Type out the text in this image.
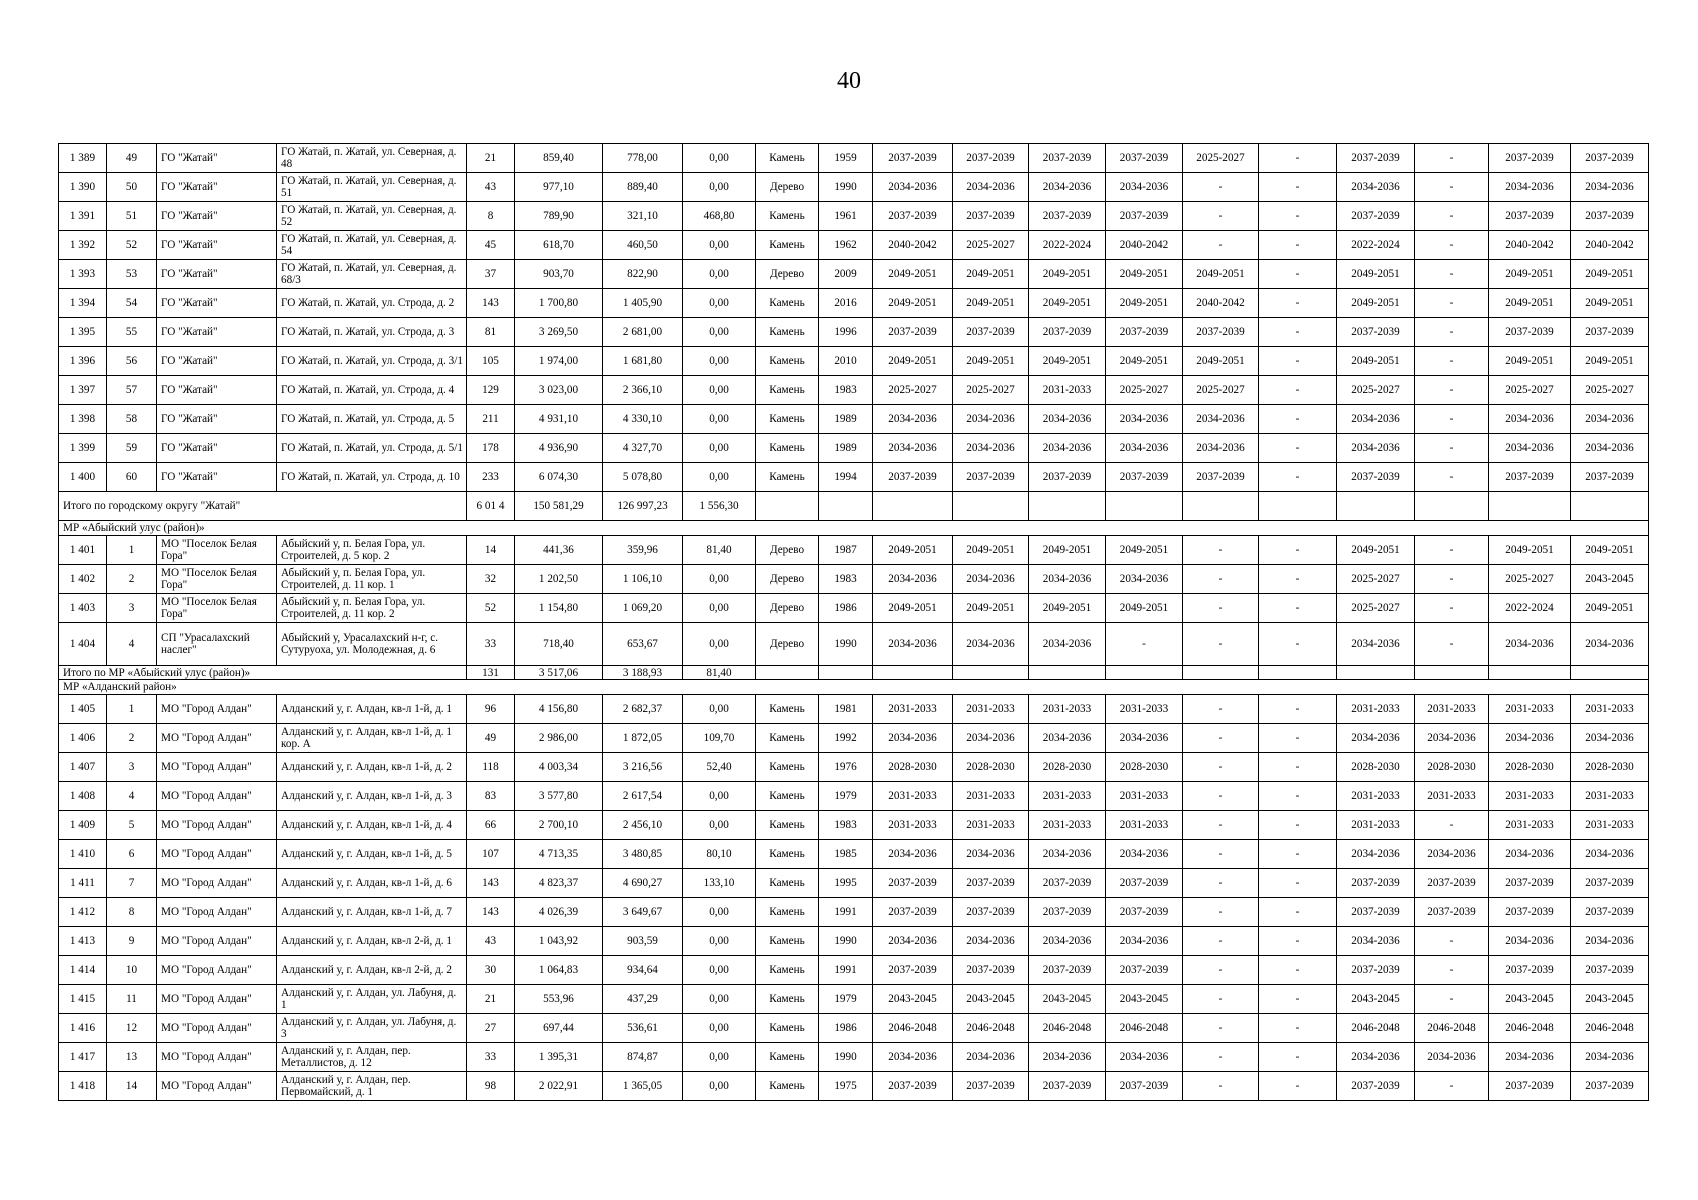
40
1 389	49	ГО "Жатай"	ГО Жатай, п. Жатай, ул. Северная, д. 48	21	859,40	778,00	0,00	Камень	1959	2037-2039	2037-2039	2037-2039	2037-2039	2025-2027	-	2037-2039	-	2037-2039	2037-2039
1 390	50	ГО "Жатай"	ГО Жатай, п. Жатай, ул. Северная, д. 51	43	977,10	889,40	0,00	Дерево	1990	2034-2036	2034-2036	2034-2036	2034-2036	-	-	2034-2036	-	2034-2036	2034-2036
1 391	51	ГО "Жатай"	ГО Жатай, п. Жатай, ул. Северная, д. 52	8	789,90	321,10	468,80	Камень	1961	2037-2039	2037-2039	2037-2039	2037-2039	-	-	2037-2039	-	2037-2039	2037-2039
1 392	52	ГО "Жатай"	ГО Жатай, п. Жатай, ул. Северная, д. 54	45	618,70	460,50	0,00	Камень	1962	2040-2042	2025-2027	2022-2024	2040-2042	-	-	2022-2024	-	2040-2042	2040-2042
1 393	53	ГО "Жатай"	ГО Жатай, п. Жатай, ул. Северная, д. 68/3	37	903,70	822,90	0,00	Дерево	2009	2049-2051	2049-2051	2049-2051	2049-2051	2049-2051	-	2049-2051	-	2049-2051	2049-2051
1 394	54	ГО "Жатай"	ГО Жатай, п. Жатай, ул. Строда, д. 2	143	1 700,80	1 405,90	0,00	Камень	2016	2049-2051	2049-2051	2049-2051	2049-2051	2040-2042	-	2049-2051	-	2049-2051	2049-2051
1 395	55	ГО "Жатай"	ГО Жатай, п. Жатай, ул. Строда, д. 3	81	3 269,50	2 681,00	0,00	Камень	1996	2037-2039	2037-2039	2037-2039	2037-2039	2037-2039	-	2037-2039	-	2037-2039	2037-2039
1 396	56	ГО "Жатай"	ГО Жатай, п. Жатай, ул. Строда, д. 3/1	105	1 974,00	1 681,80	0,00	Камень	2010	2049-2051	2049-2051	2049-2051	2049-2051	2049-2051	-	2049-2051	-	2049-2051	2049-2051
1 397	57	ГО "Жатай"	ГО Жатай, п. Жатай, ул. Строда, д. 4	129	3 023,00	2 366,10	0,00	Камень	1983	2025-2027	2025-2027	2031-2033	2025-2027	2025-2027	-	2025-2027	-	2025-2027	2025-2027
1 398	58	ГО "Жатай"	ГО Жатай, п. Жатай, ул. Строда, д. 5	211	4 931,10	4 330,10	0,00	Камень	1989	2034-2036	2034-2036	2034-2036	2034-2036	2034-2036	-	2034-2036	-	2034-2036	2034-2036
1 399	59	ГО "Жатай"	ГО Жатай, п. Жатай, ул. Строда, д. 5/1	178	4 936,90	4 327,70	0,00	Камень	1989	2034-2036	2034-2036	2034-2036	2034-2036	2034-2036	-	2034-2036	-	2034-2036	2034-2036
1 400	60	ГО "Жатай"	ГО Жатай, п. Жатай, ул. Строда, д. 10	233	6 074,30	5 078,80	0,00	Камень	1994	2037-2039	2037-2039	2037-2039	2037-2039	2037-2039	-	2037-2039	-	2037-2039	2037-2039
Итого по городскому округу "Жатай"				6 01 4	150 581,29	126 997,23	1 556,30												
МР «Абыйский улус (район)»																			
1 401	1	МО "Поселок Белая Гора"	Абыйский у, п. Белая Гора, ул. Строителей, д. 5 кор. 2	14	441,36	359,96	81,40	Дерево	1987	2049-2051	2049-2051	2049-2051	2049-2051	-	-	2049-2051	-	2049-2051	2049-2051
1 402	2	МО "Поселок Белая Гора"	Абыйский у, п. Белая Гора, ул. Строителей, д. 11 кор. 1	32	1 202,50	1 106,10	0,00	Дерево	1983	2034-2036	2034-2036	2034-2036	2034-2036	-	-	2025-2027	-	2025-2027	2043-2045
1 403	3	МО "Поселок Белая Гора"	Абыйский у, п. Белая Гора, ул. Строителей, д. 11 кор. 2	52	1 154,80	1 069,20	0,00	Дерево	1986	2049-2051	2049-2051	2049-2051	2049-2051	-	-	2025-2027	-	2022-2024	2049-2051
1 404	4	СП "Урасалахский наслег"	Абыйский у, Урасалахский н-г, с. Сутуруоха, ул. Молодежная, д. 6	33	718,40	653,67	0,00	Дерево	1990	2034-2036	2034-2036	2034-2036	-	-	-	2034-2036	-	2034-2036	2034-2036
Итого по МР «Абыйский улус (район)»				131	3 517,06	3 188,93	81,40												
МР «Алданский район»																			
1 405	1	МО "Город Алдан"	Алданский у, г. Алдан, кв-л 1-й, д. 1	96	4 156,80	2 682,37	0,00	Камень	1981	2031-2033	2031-2033	2031-2033	2031-2033	-	-	2031-2033	2031-2033	2031-2033	2031-2033
1 406	2	МО "Город Алдан"	Алданский у, г. Алдан, кв-л 1-й, д. 1 кор. А	49	2 986,00	1 872,05	109,70	Камень	1992	2034-2036	2034-2036	2034-2036	2034-2036	-	-	2034-2036	2034-2036	2034-2036	2034-2036
1 407	3	МО "Город Алдан"	Алданский у, г. Алдан, кв-л 1-й, д. 2	118	4 003,34	3 216,56	52,40	Камень	1976	2028-2030	2028-2030	2028-2030	2028-2030	-	-	2028-2030	2028-2030	2028-2030	2028-2030
1 408	4	МО "Город Алдан"	Алданский у, г. Алдан, кв-л 1-й, д. 3	83	3 577,80	2 617,54	0,00	Камень	1979	2031-2033	2031-2033	2031-2033	2031-2033	-	-	2031-2033	2031-2033	2031-2033	2031-2033
1 409	5	МО "Город Алдан"	Алданский у, г. Алдан, кв-л 1-й, д. 4	66	2 700,10	2 456,10	0,00	Камень	1983	2031-2033	2031-2033	2031-2033	2031-2033	-	-	2031-2033	-	2031-2033	2031-2033
1 410	6	МО "Город Алдан"	Алданский у, г. Алдан, кв-л 1-й, д. 5	107	4 713,35	3 480,85	80,10	Камень	1985	2034-2036	2034-2036	2034-2036	2034-2036	-	-	2034-2036	2034-2036	2034-2036	2034-2036
1 411	7	МО "Город Алдан"	Алданский у, г. Алдан, кв-л 1-й, д. 6	143	4 823,37	4 690,27	133,10	Камень	1995	2037-2039	2037-2039	2037-2039	2037-2039	-	-	2037-2039	2037-2039	2037-2039	2037-2039
1 412	8	МО "Город Алдан"	Алданский у, г. Алдан, кв-л 1-й, д. 7	143	4 026,39	3 649,67	0,00	Камень	1991	2037-2039	2037-2039	2037-2039	2037-2039	-	-	2037-2039	2037-2039	2037-2039	2037-2039
1 413	9	МО "Город Алдан"	Алданский у, г. Алдан, кв-л 2-й, д. 1	43	1 043,92	903,59	0,00	Камень	1990	2034-2036	2034-2036	2034-2036	2034-2036	-	-	2034-2036	-	2034-2036	2034-2036
1 414	10	МО "Город Алдан"	Алданский у, г. Алдан, кв-л 2-й, д. 2	30	1 064,83	934,64	0,00	Камень	1991	2037-2039	2037-2039	2037-2039	2037-2039	-	-	2037-2039	-	2037-2039	2037-2039
1 415	11	МО "Город Алдан"	Алданский у, г. Алдан, ул. Лабуня, д. 1	21	553,96	437,29	0,00	Камень	1979	2043-2045	2043-2045	2043-2045	2043-2045	-	-	2043-2045	-	2043-2045	2043-2045
1 416	12	МО "Город Алдан"	Алданский у, г. Алдан, ул. Лабуня, д. 3	27	697,44	536,61	0,00	Камень	1986	2046-2048	2046-2048	2046-2048	2046-2048	-	-	2046-2048	2046-2048	2046-2048	2046-2048
1 417	13	МО "Город Алдан"	Алданский у, г. Алдан, пер. Металлистов, д. 12	33	1 395,31	874,87	0,00	Камень	1990	2034-2036	2034-2036	2034-2036	2034-2036	-	-	2034-2036	2034-2036	2034-2036	2034-2036
1 418	14	МО "Город Алдан"	Алданский у, г. Алдан, пер. Первомайский, д. 1	98	2 022,91	1 365,05	0,00	Камень	1975	2037-2039	2037-2039	2037-2039	2037-2039	-	-	2037-2039	-	2037-2039	2037-2039
